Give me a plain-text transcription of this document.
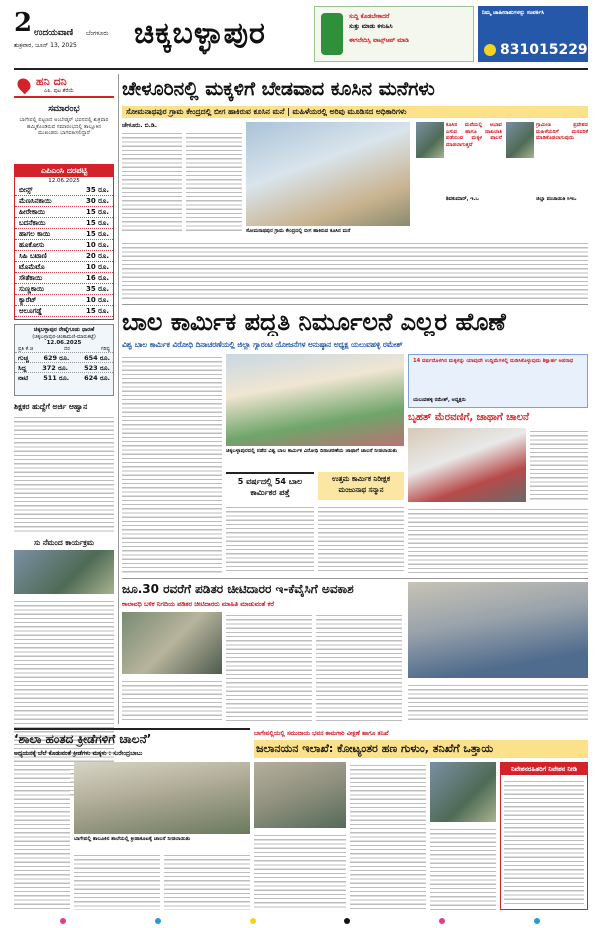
2 ಉದಯವಾಣಿ ಬೆಂಗಳೂರು
ಶುಕ್ರವಾರ, ಜೂನ್ 13, 2025 ಚಿಕ್ಕಬಳ್ಳಾಪುರ	ಸುದ್ದಿ ಕೊಡಬೇಕಾದರೆ
ಸುತ್ತು ಮಾಡು ಕಳುಹಿಸಿ
ಈಗಲೇದಿಸ್ಸಿ ವಾಟ್ಸ್‌ಆಪ್ ಮಾಡಿ
ನಿಮ್ಮ ಜಾಹೀರಾತುಗಳನ್ನು ಸಂಪರ್ಕಿಸಿ
8310152292
ಹನಿ ದನಿ
ಎಪಿ. ಪುಟ ತೆರೆಯೆ
ಸಮಾರಂಭ
ಬಾಗೇಪಲ್ಲಿ ಪಟ್ಟಣದ ಅಂಬೇಡ್ಕರ್ ಭವನದಲ್ಲಿ ಶುಕ್ರವಾರ ಹಮ್ಮಿಕೊಂಡಿರುವ ಸಮಾರಂಭದಲ್ಲಿ ತಾಲ್ಲೂಕಿನ ಮುಖಂಡರು ಭಾಗವಹಿಸಲಿದ್ದಾರೆ
ಎಪಿಎಂಸಿ ದರಪಟ್ಟಿ
12.06.2025
ಬೀನ್ಸ್	35 ರೂ.
ಮೆಣಸಿನಕಾಯಿ	30 ರೂ.
ಹೀರೇಕಾಯಿ	15 ರೂ.
ಬದನೆಕಾಯಿ	15 ರೂ.
ಹಾಗಲ ಕಾಯಿ	15 ರೂ.
ಹೂಕೋಸು	10 ರೂ.
ಸಿಹಿ ಬಟಾಣಿ	20 ರೂ.
ಟೊಮೆಟೊ	10 ರೂ.
ಸೌತೆಕಾಯಿ	16 ರೂ.
ಸುಣ್ಣಕಾಯಿ	35 ರೂ.
ಕ್ಯಾರೆಟ್	10 ರೂ.
ಆಲೂಗಡ್ಡೆ	15 ರೂ.
ಚಿಕ್ಕಬಳ್ಳಾಪುರ ರೇಷ್ಮೆಗೂಡು ಧಾರಣೆ
(ಚಿಕ್ಕಬಳ್ಳಾಪುರ-ಚಿಂತಾಮಣಿ-ಮಾರುಕಟ್ಟೆ)
12.06.2025
ಪ್ರತಿ ಕೆ.ಜಿ	ದರ	ಗರಿಷ್ಟ
ಗುಚ್ಚ 629 ರೂ. 654 ರೂ.
ಸಿದ್ದ 372 ರೂ. 523 ರೂ.
ನಾಟಿ 511 ರೂ. 624 ರೂ.
ಶಿಕ್ಷಕರ ಹುದ್ದೆಗೆ ಅರ್ಜಿ ಆಹ್ವಾನ
ಸು ನೆಮಂದ ಕಾರ್ಯಕ್ರಮ
ಚೇಳೂರಿನಲ್ಲಿ ಮಕ್ಕಳಿಗೆ ಬೇಡವಾದ ಕೂಸಿನ ಮನೆಗಳು
ಸೋಮನಾಥಪುರ ಗ್ರಾಮ ಕೇಂದ್ರದಲ್ಲಿ ಬೀಗ ಹಾಕಿರುವ ಕೂಸಿನ ಮನೆ | ಮಹಿಳೆಯರಲ್ಲಿ ಅರಿವು ಮೂಡಿಸದ ಅಧಿಕಾರಿಗಳು
ಚೇಳೂರು. ಬಿ.ಡಿ.
ಸೋಮನಾಥಪುರ ಗ್ರಾಮ ಕೇಂದ್ರದಲ್ಲಿ ಬೀಗ ಹಾಕಿರುವ ಕೂಸಿನ ಮನೆ
ಕೂಸಿನ ಮನೆಯಲ್ಲಿ ಅಭಾವ ಎಸುವ ಹಾಗೂ ದಾಖಲಾತಿ ಪಡೆಯುವ ಮಕ್ಕಳ ಪಾಲನೆ ಮಾಡಲಾಗುತ್ತದೆ
ಶಿವಕುಮಾರ್, ಇ.ಒ
ಗ್ರಾಮೀಣ ಪ್ರದೇಶದ ಮಹಿಳೆಯರಿಗೆ ಮನವರಿಕೆ ಮಾಡಿಕೊಡಲಾಗುವುದು
ಜಿಲ್ಲಾ ಪಂಚಾಯಿತಿ ಸಿಇಒ
ಬಾಲ ಕಾರ್ಮಿಕ ಪದ್ಧತಿ ನಿರ್ಮೂಲನೆ ಎಲ್ಲರ ಹೊಣೆ
ವಿಶ್ವ ಬಾಲ ಕಾರ್ಮಿಕ ವಿರೋಧಿ ದಿನಾಚರಣೆಯಲ್ಲಿ ಜಿಲ್ಲಾ ಗ್ಯಾರಂಟಿ ಯೋಜನೆಗಳ ಅನುಷ್ಠಾನ ಅಧ್ಯಕ್ಷ ಯಲುವಹಳ್ಳಿ ರಮೇಶ್
ಚಿಕ್ಕಬಳ್ಳಾಪುರದಲ್ಲಿ ನಡೆದ ವಿಶ್ವ ಬಾಲ ಕಾರ್ಮಿಕ ವಿರೋಧಿ ದಿನಾಚರಣೆಯ ಜಾಥಾಗೆ ಚಾಲನೆ ನೀಡಲಾಯಿತು
14 ವರ್ಷದೊಳಗಿನ ಮಕ್ಕಳನ್ನು ಯಾವುದೇ ಉದ್ದಿಮೆಗಳಲ್ಲಿ ದುಡಿಸಿಕೊಳ್ಳುವುದು ಶಿಕ್ಷಾರ್ಹ ಅಪರಾಧ
ಯಲುವಹಳ್ಳಿ ರಮೇಶ್, ಅಧ್ಯಕ್ಷರು
ಬೃಹತ್ ಮೆರವಣಿಗೆ, ಜಾಥಾಗೆ ಚಾಲನೆ
5 ವರ್ಷದಲ್ಲಿ 54 ಬಾಲ ಕಾರ್ಮಿಕರ ಪತ್ತೆ
ಉತ್ತಮ ಕಾರ್ಮಿಕ ನಿರೀಕ್ಷಕ ಮಂಜುನಾಥ ಸನ್ಮಾನ
ಜೂ.30 ರವರೆಗೆ ಪಡಿತರ ಚೀಟಿದಾರರ ಇ-ಕೆವೈಸಿಗೆ ಅವಕಾಶ
ಕಾಲಾವಧಿ ಬಳಿಕ ನಿಗದಿಯ ಪಡಿತರ ಚೀಟಿದಾರರು ಮಾಹಿತಿ ಮಾಡುವಂತೆ ಕರೆ
‘ಶಾಲಾ ಹಂತದ ಕ್ರೀಡೆಗಳಿಗೆ ಚಾಲನೆ’
ಅಧ್ಯಯನಕ್ಕೆ ಬೆಲೆ ಕೊಡುವಂತೆ ಕ್ರೀಡೆಗಳು ಮಕ್ಕಳು : ಸುರೇಂದ್ರಬಾಬು
ಬಾಗೇಪಲ್ಲಿ ತಾಲೂಕಿನ ಶಾಲೆಯಲ್ಲಿ ಕ್ರೀಡಾಕೂಟಕ್ಕೆ ಚಾಲನೆ ನೀಡಲಾಯಿತು
ಬಾಗೇಪಲ್ಲಿಯಲ್ಲಿ ಸಮುದಾಯ ಭವನ ಕಾಮಗಾರಿ ವೀಕ್ಷಣೆ ಹಾಗೂ ತನಿಖೆ
ಜಲಾನಯನ ಇಲಾಖೆ: ಕೋಟ್ಯಂತರ ಹಣ ಗುಳುಂ, ತನಿಖೆಗೆ ಒತ್ತಾಯ
ನಿವೇಶನರಹಿತರಿಗೆ ನಿವೇಶನ ನೀಡಿ
